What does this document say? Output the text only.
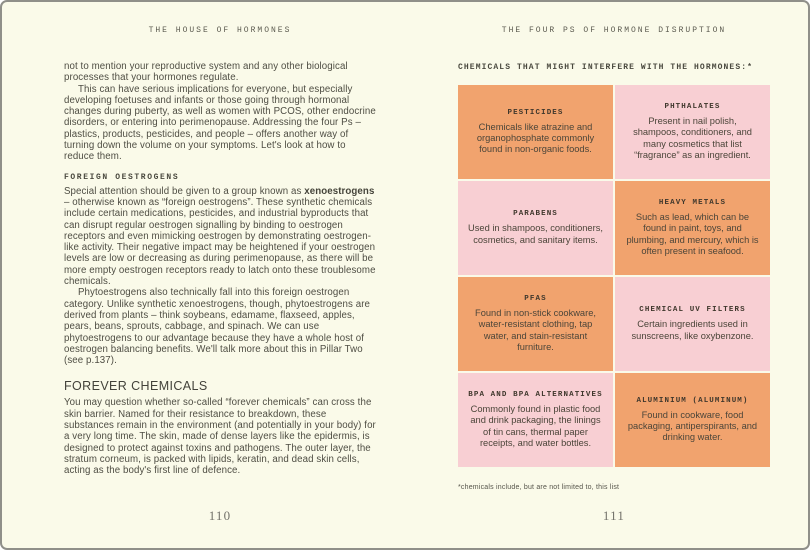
THE HOUSE OF HORMONES

not to mention your reproductive system and any other biological processes that your hormones regulate.

This can have serious implications for everyone, but especially developing foetuses and infants or those going through hormonal changes during puberty, as well as women with PCOS, other endocrine disorders, or entering into perimenopause. Addressing the four Ps – plastics, products, pesticides, and people – offers another way of turning down the volume on your symptoms. Let's look at how to reduce them.

FOREIGN OESTROGENS

Special attention should be given to a group known as xenoestrogens – otherwise known as “foreign oestrogens”. These synthetic chemicals include certain medications, pesticides, and industrial byproducts that can disrupt regular oestrogen signalling by binding to oestrogen receptors and even mimicking oestrogen by demonstrating oestrogen-like activity. Their negative impact may be heightened if your oestrogen levels are low or decreasing as during perimenopause, as there will be more empty oestrogen receptors ready to latch onto these troublesome chemicals.

Phytoestrogens also technically fall into this foreign oestrogen category. Unlike synthetic xenoestrogens, though, phytoestrogens are derived from plants – think soybeans, edamame, flaxseed, apples, pears, beans, sprouts, cabbage, and spinach. We can use phytoestrogens to our advantage because they have a whole host of oestrogen balancing benefits. We'll talk more about this in Pillar Two (see p.137).

FOREVER CHEMICALS

You may question whether so-called “forever chemicals” can cross the skin barrier. Named for their resistance to breakdown, these substances remain in the environment (and potentially in your body) for a very long time. The skin, made of dense layers like the epidermis, is designed to protect against toxins and pathogens. The outer layer, the stratum corneum, is packed with lipids, keratin, and dead skin cells, acting as the body's first line of defence.

110
THE FOUR PS OF HORMONE DISRUPTION
CHEMICALS THAT MIGHT INTERFERE WITH THE HORMONES:*
PESTICIDES
Chemicals like atrazine and organophosphate commonly found in non-organic foods.
PHTHALATES
Present in nail polish, shampoos, conditioners, and many cosmetics that list “fragrance” as an ingredient.
PARABENS
Used in shampoos, conditioners, cosmetics, and sanitary items.
HEAVY METALS
Such as lead, which can be found in paint, toys, and plumbing, and mercury, which is often present in seafood.
PFAS
Found in non-stick cookware, water-resistant clothing, tap water, and stain-resistant furniture.
CHEMICAL UV FILTERS
Certain ingredients used in sunscreens, like oxybenzone.
BPA AND BPA ALTERNATIVES
Commonly found in plastic food and drink packaging, the linings of tin cans, thermal paper receipts, and water bottles.
ALUMINIUM (ALUMINUM)
Found in cookware, food packaging, antiperspirants, and drinking water.
*chemicals include, but are not limited to, this list
111
